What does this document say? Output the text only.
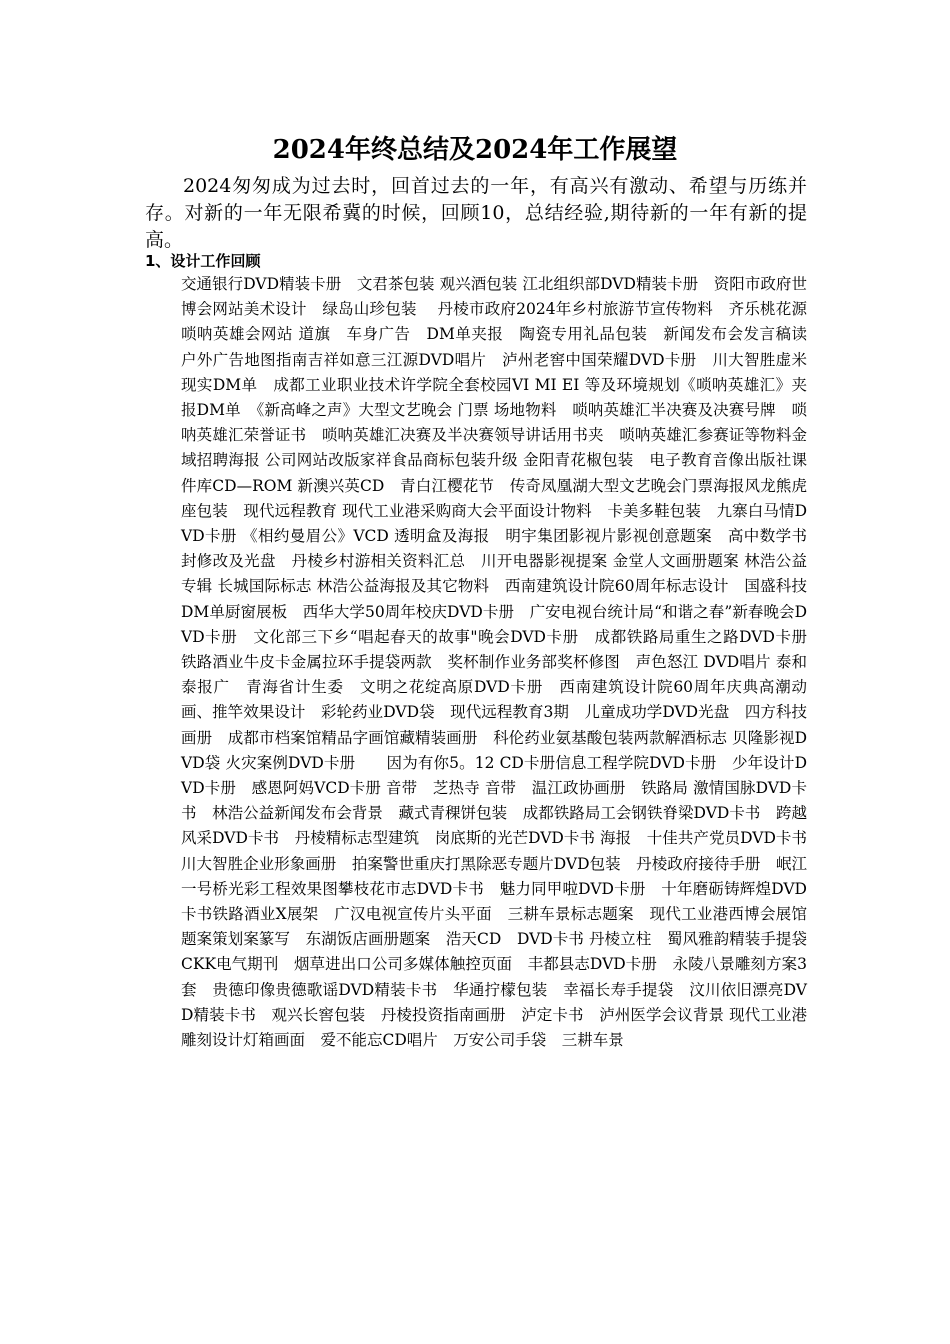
2024年终总结及2024年工作展望

2024匆匆成为过去时，回首过去的一年，有高兴有激动、希望与历练并存。对新的一年无限希冀的时候，回顾10，总结经验,期待新的一年有新的提高。

1、设计工作回顾

交通银行DVD精装卡册　文君茶包装 观兴酒包装 江北组织部DVD精装卡册　资阳市政府世博会网站美术设计　绿岛山珍包装　 丹棱市政府2024年乡村旅游节宣传物料　齐乐桃花源唢呐英雄会网站 道旗　车身广告　DM单夹报　陶瓷专用礼品包装　新闻发布会发言稿读 户外广告地图指南吉祥如意三江源DVD唱片　泸州老窖中国荣耀DVD卡册　川大智胜虚米现实DM单　成都工业职业技术许学院全套校园VI MI EI 等及环境规划《唢呐英雄汇》夹报DM单　《新高峰之声》大型文艺晚会 门票 场地物料　唢呐英雄汇半决赛及决赛号牌　唢呐英雄汇荣誉证书　唢呐英雄汇决赛及半决赛领导讲话用书夹　唢呐英雄汇参赛证等物料金域招聘海报 公司网站改版家祥食品商标包装升级 金阳青花椒包装　电子教育音像出版社课件库CD—ROM 新澳兴英CD　青白江樱花节　传奇凤凰湖大型文艺晚会门票海报风龙熊虎座包装　现代远程教育 现代工业港采购商大会平面设计物料　卡美多鞋包装　九寨白马情DVD卡册 《相约曼眉公》VCD 透明盒及海报　明宇集团影视片影视创意题案　高中数学书封修改及光盘　丹棱乡村游相关资料汇总　川开电器影视提案 金堂人文画册题案 林浩公益专辑 长城国际标志 林浩公益海报及其它物料　西南建筑设计院60周年标志设计　国盛科技DM单厨窗展板　西华大学50周年校庆DVD卡册　广安电视台统计局“和谐之春”新春晚会DVD卡册　文化部三下乡“唱起春天的故事"晚会DVD卡册　成都铁路局重生之路DVD卡册　铁路酒业牛皮卡金属拉环手提袋两款　奖杯制作业务部奖杯修图　声色怒江 DVD唱片 泰和泰报广　青海省计生委　文明之花绽高原DVD卡册　西南建筑设计院60周年庆典高潮动画、推竿效果设计　彩轮药业DVD袋　现代远程教育3期　儿童成功学DVD光盘　四方科技画册　成都市档案馆精品字画馆藏精装画册　科伦药业氨基酸包装两款解酒标志 贝隆影视DVD袋 火灾案例DVD卡册　　因为有你5。12 CD卡册信息工程学院DVD卡册　少年设计DVD卡册　感恩阿妈VCD卡册 音带　芝热寺 音带　温江政协画册　铁路局 激情国脉DVD卡书　林浩公益新闻发布会背景　藏式青稞饼包装　成都铁路局工会钢铁脊梁DVD卡书　跨越风采DVD卡书　丹棱精标志型建筑　岗底斯的光芒DVD卡书 海报　十佳共产党员DVD卡书　川大智胜企业形象画册　拍案警世重庆打黑除恶专题片DVD包装　丹棱政府接待手册　岷江一号桥光彩工程效果图攀枝花市志DVD卡书　魅力同甲啦DVD卡册　十年磨砺铸辉煌DVD卡书铁路酒业X展架　广汉电视宣传片头平面　三耕车景标志题案　现代工业港西博会展馆题案策划案篆写　东湖饭店画册题案　浩天CD　DVD卡书 丹棱立柱　蜀风雅韵精装手提袋　CKK电气期刊　烟草进出口公司多媒体触控页面　丰都县志DVD卡册　永陵八景雕刻方案3套　贵德印像贵德歌谣DVD精装卡书　华通拧檬包装　幸福长寿手提袋　汶川依旧漂亮DVD精装卡书　观兴长窖包装　丹棱投资指南画册　泸定卡书　泸州医学会议背景 现代工业港雕刻设计灯箱画面　爱不能忘CD唱片　万安公司手袋　三耕车景
